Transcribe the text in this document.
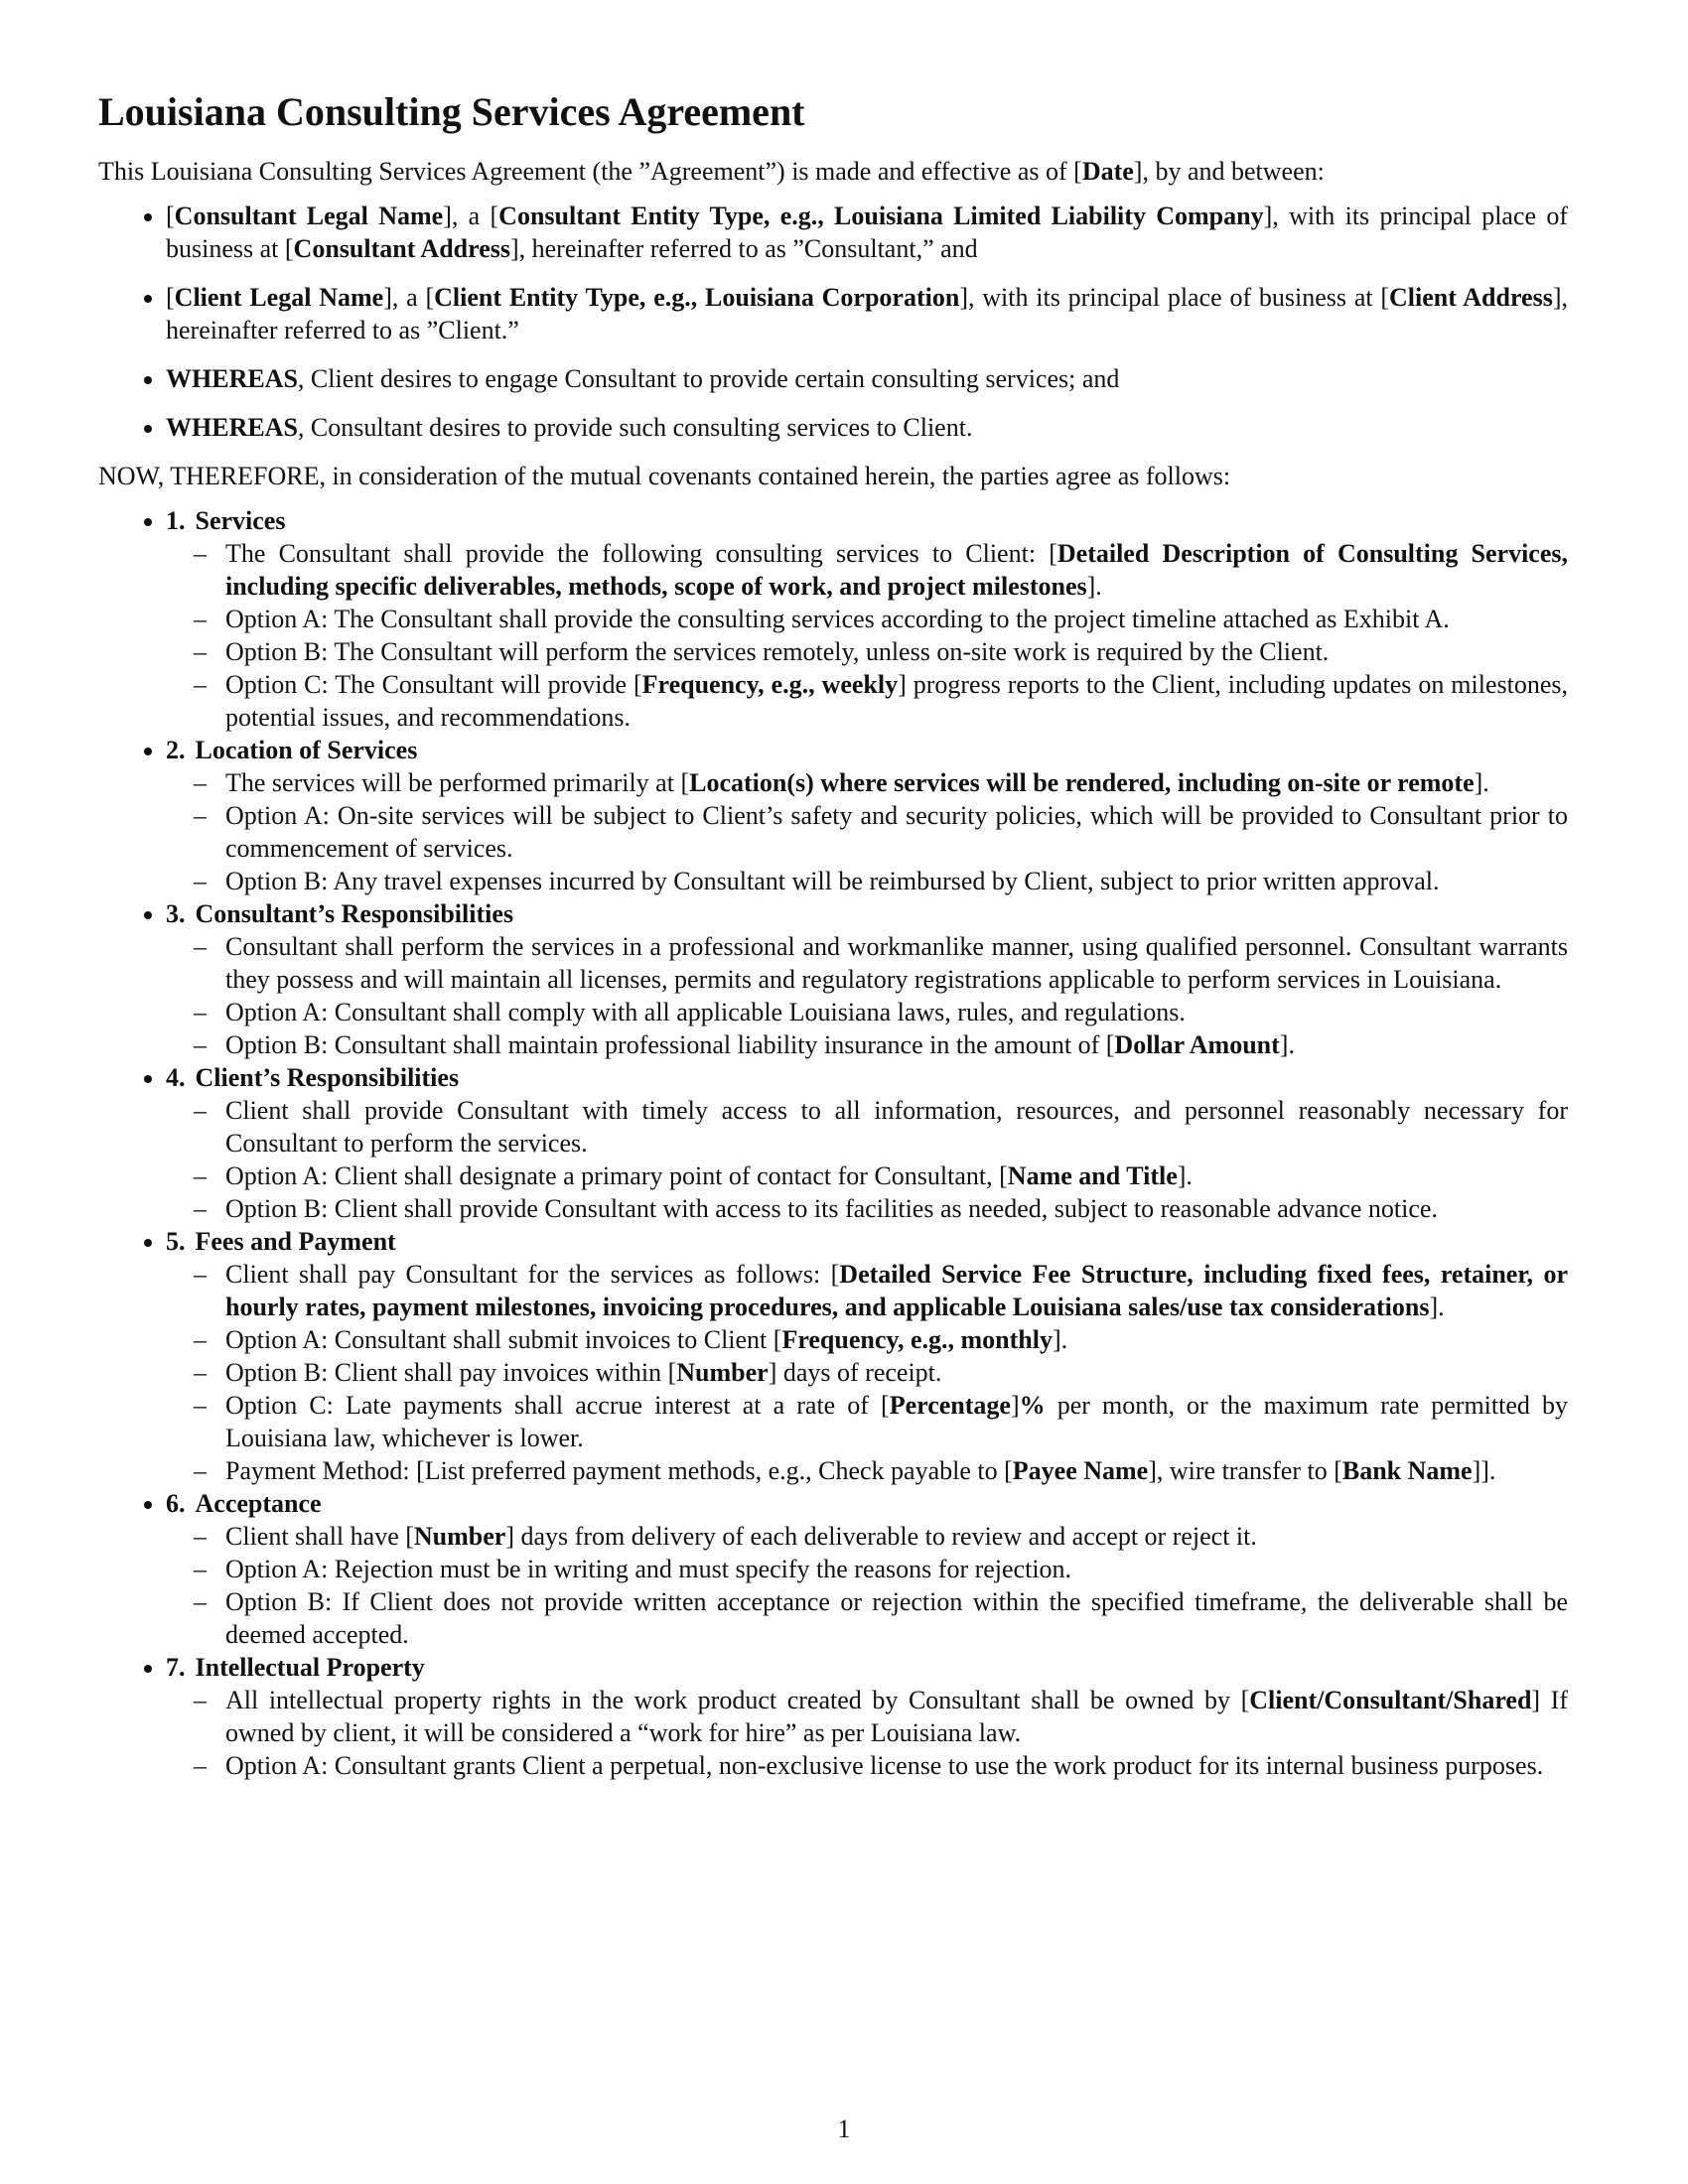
Louisiana Consulting Services Agreement

This Louisiana Consulting Services Agreement (the ”Agreement”) is made and effective as of [Date], by and between:

• [Consultant Legal Name], a [Consultant Entity Type, e.g., Louisiana Limited Liability Company], with its principal place of business at [Consultant Address], hereinafter referred to as ”Consultant,” and
• [Client Legal Name], a [Client Entity Type, e.g., Louisiana Corporation], with its principal place of business at [Client Address], hereinafter referred to as ”Client.”
• WHEREAS, Client desires to engage Consultant to provide certain consulting services; and
• WHEREAS, Consultant desires to provide such consulting services to Client.

NOW, THEREFORE, in consideration of the mutual covenants contained herein, the parties agree as follows:

• 1. Services
– The Consultant shall provide the following consulting services to Client: [Detailed Description of Consulting Services, including specific deliverables, methods, scope of work, and project milestones].
– Option A: The Consultant shall provide the consulting services according to the project timeline attached as Exhibit A.
– Option B: The Consultant will perform the services remotely, unless on-site work is required by the Client.
– Option C: The Consultant will provide [Frequency, e.g., weekly] progress reports to the Client, including updates on milestones, potential issues, and recommendations.
• 2. Location of Services
– The services will be performed primarily at [Location(s) where services will be rendered, including on-site or remote].
– Option A: On-site services will be subject to Client’s safety and security policies, which will be provided to Consultant prior to commencement of services.
– Option B: Any travel expenses incurred by Consultant will be reimbursed by Client, subject to prior written approval.
• 3. Consultant’s Responsibilities
– Consultant shall perform the services in a professional and workmanlike manner, using qualified personnel. Consultant warrants they possess and will maintain all licenses, permits and regulatory registrations applicable to perform services in Louisiana.
– Option A: Consultant shall comply with all applicable Louisiana laws, rules, and regulations.
– Option B: Consultant shall maintain professional liability insurance in the amount of [Dollar Amount].
• 4. Client’s Responsibilities
– Client shall provide Consultant with timely access to all information, resources, and personnel reasonably necessary for Consultant to perform the services.
– Option A: Client shall designate a primary point of contact for Consultant, [Name and Title].
– Option B: Client shall provide Consultant with access to its facilities as needed, subject to reasonable advance notice.
• 5. Fees and Payment
– Client shall pay Consultant for the services as follows: [Detailed Service Fee Structure, including fixed fees, retainer, or hourly rates, payment milestones, invoicing procedures, and applicable Louisiana sales/use tax considerations].
– Option A: Consultant shall submit invoices to Client [Frequency, e.g., monthly].
– Option B: Client shall pay invoices within [Number] days of receipt.
– Option C: Late payments shall accrue interest at a rate of [Percentage]% per month, or the maximum rate permitted by Louisiana law, whichever is lower.
– Payment Method: [List preferred payment methods, e.g., Check payable to [Payee Name], wire transfer to [Bank Name]].
• 6. Acceptance
– Client shall have [Number] days from delivery of each deliverable to review and accept or reject it.
– Option A: Rejection must be in writing and must specify the reasons for rejection.
– Option B: If Client does not provide written acceptance or rejection within the specified timeframe, the deliverable shall be deemed accepted.
• 7. Intellectual Property
– All intellectual property rights in the work product created by Consultant shall be owned by [Client/Consultant/Shared] If owned by client, it will be considered a “work for hire” as per Louisiana law.
– Option A: Consultant grants Client a perpetual, non-exclusive license to use the work product for its internal business purposes.
1
